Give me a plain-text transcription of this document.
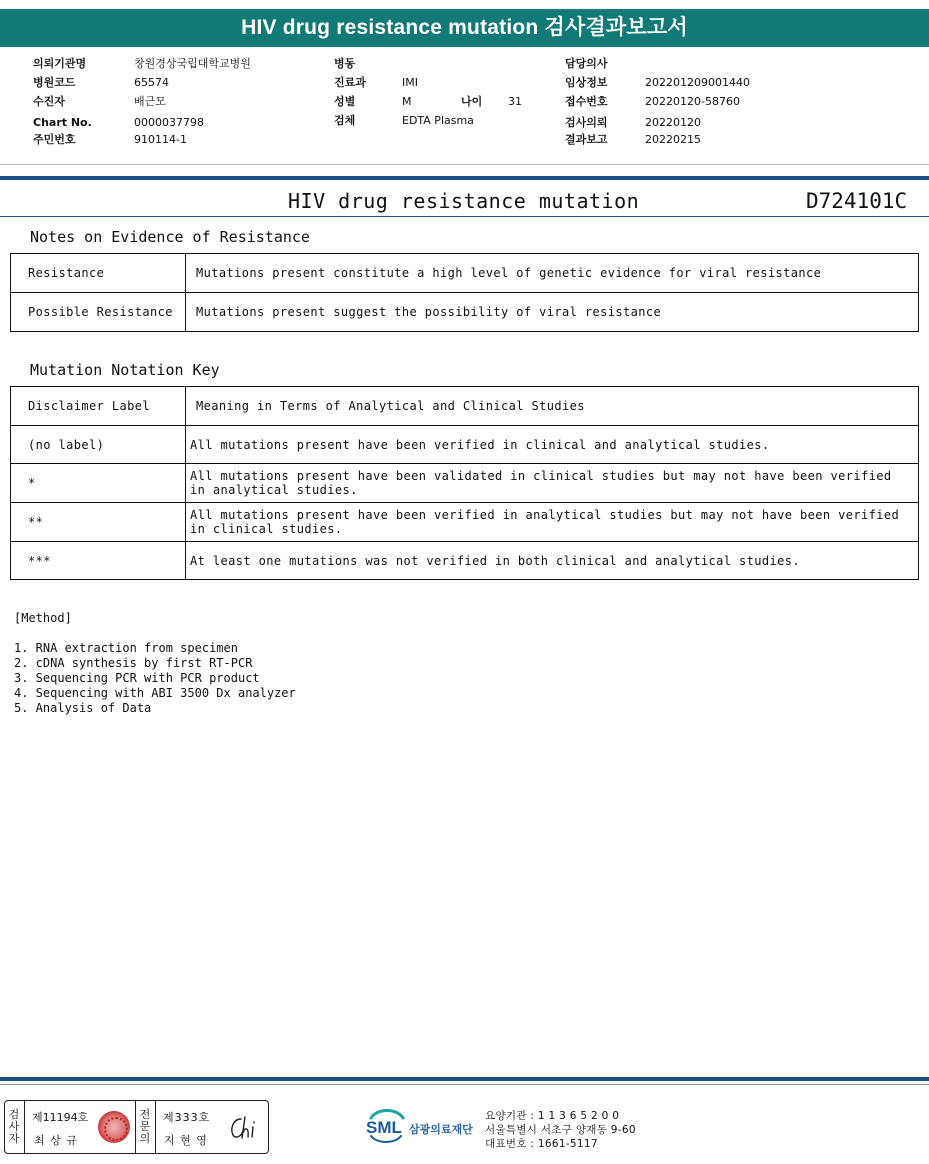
HIV drug resistance mutation 검사결과보고서
의뢰기관명	창원경상국립대학교병원
병원코드	65574
수진자	배근모
Chart No.	0000037798
주민번호	910114-1
병동
진료과	IMI
성별	M	나이 31
검체	EDTA Plasma
담당의사
임상정보	202201209001440
접수번호	20220120-58760
검사의뢰	20220120
결과보고	20220215
HIV drug resistance mutation	D724101C
Notes on Evidence of Resistance
Resistance	Mutations present constitute a high level of genetic evidence for viral resistance
Possible Resistance	Mutations present suggest the possibility of viral resistance
Mutation Notation Key
Disclaimer Label	Meaning in Terms of Analytical and Clinical Studies
(no label)	All mutations present have been verified in clinical and analytical studies.
*	All mutations present have been validated in clinical studies but may not have been verified in analytical studies.
**	All mutations present have been verified in analytical studies but may not have been verified in clinical studies.
***	At least one mutations was not verified in both clinical and analytical studies.
[Method]
1. RNA extraction from specimen
2. cDNA synthesis by first RT-PCR
3. Sequencing PCR with PCR product
4. Sequencing with ABI 3500 Dx analyzer
5. Analysis of Data
검사자
제11194호
최 상 규
전문의
제333호
지 현 영
SML 삼광의료재단
요양기관 : 1 1 3 6 5 2 0 0
서울특별시 서초구 양재동 9-60
대표번호 : 1661-5117
